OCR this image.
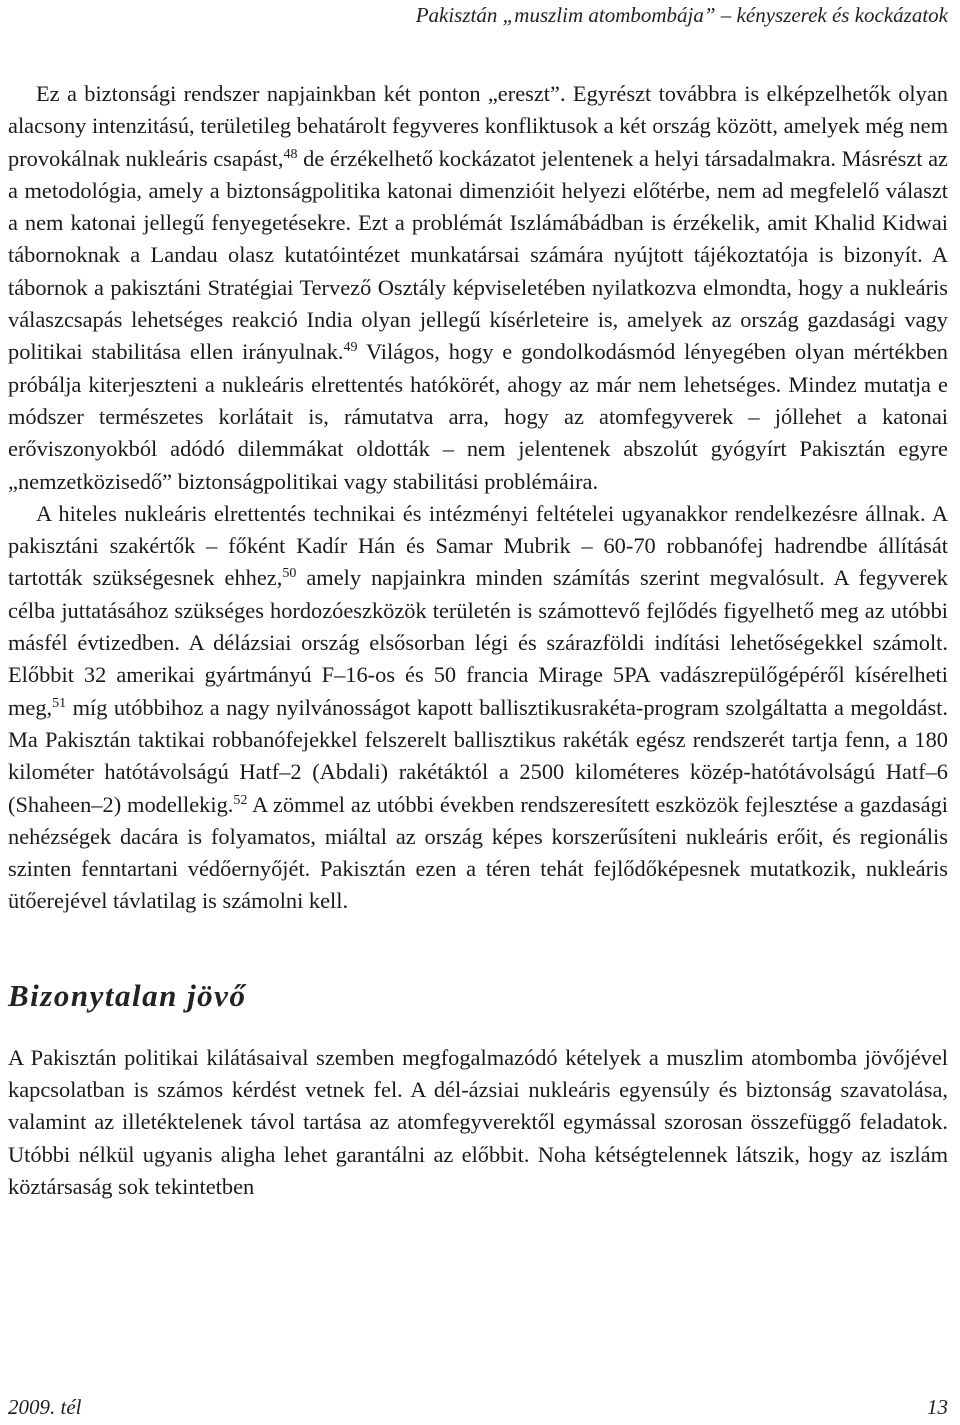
Pakisztán „muszlim atombombája” – kényszerek és kockázatok

Ez a biztonsági rendszer napjainkban két ponton „ereszt”. Egyrészt továbbra is elképzelhetők olyan alacsony intenzitású, területileg behatárolt fegyveres konfliktusok a két ország között, amelyek még nem provokálnak nukleáris csapást,$^{48}$ de érzékelhető kockázatot jelentenek a helyi társadalmakra. Másrészt az a metodológia, amely a biztonságpolitika katonai dimenzióit helyezi előtérbe, nem ad megfelelő választ a nem katonai jellegű fenyegetésekre. Ezt a problémát Iszlámábádban is érzékelik, amit Khalid Kidwai tábornoknak a Landau olasz kutatóintézet munkatársai számára nyújtott tájékoztatója is bizonyít. A tábornok a pakisztáni Stratégiai Tervező Osztály képviseletében nyilatkozva elmondta, hogy a nukleáris válaszcsapás lehetséges reakció India olyan jellegű kísérleteire is, amelyek az ország gazdasági vagy politikai stabilitása ellen irányulnak.$^{49}$ Világos, hogy e gondolkodásmód lényegében olyan mértékben próbálja kiterjeszteni a nukleáris elrettentés hatókörét, ahogy az már nem lehetséges. Mindez mutatja e módszer természetes korlátait is, rámutatva arra, hogy az atomfegyverek – jóllehet a katonai erőviszonyokból adódó dilemmákat oldották – nem jelentenek abszolút gyógyírt Pakisztán egyre „nemzetközisedő” biztonságpolitikai vagy stabilitási problémáira.

A hiteles nukleáris elrettentés technikai és intézményi feltételei ugyanakkor rendelkezésre állnak. A pakisztáni szakértők – főként Kadír Hán és Samar Mubrik – 60-70 robbanófej hadrendbe állítását tartották szükségesnek ehhez,$^{50}$ amely napjainkra minden számítás szerint megvalósult. A fegyverek célba juttatásához szükséges hordozóeszközök területén is számottevő fejlődés figyelhető meg az utóbbi másfél évtizedben. A délázsiai ország elsősorban légi és szárazföldi indítási lehetőségekkel számolt. Előbbit 32 amerikai gyártmányú F–16-os és 50 francia Mirage 5PA vadászrepülőgépéről kísérelheti meg,$^{51}$ míg utóbbihoz a nagy nyilvánosságot kapott ballisztikusrakéta-program szolgáltatta a megoldást. Ma Pakisztán taktikai robbanófejekkel felszerelt ballisztikus rakéták egész rendszerét tartja fenn, a 180 kilométer hatótávolságú Hatf–2 (Abdali) rakétáktól a 2500 kilométeres közép-hatótávolságú Hatf–6 (Shaheen–2) modellekig.$^{52}$ A zömmel az utóbbi években rendszeresített eszközök fejlesztése a gazdasági nehézségek dacára is folyamatos, miáltal az ország képes korszerűsíteni nukleáris erőit, és regionális szinten fenntartani védőernyőjét. Pakisztán ezen a téren tehát fejlődőképesnek mutatkozik, nukleáris ütőerejével távlatilag is számolni kell.

Bizonytalan jövő

A Pakisztán politikai kilátásaival szemben megfogalmazódó kételyek a muszlim atombomba jövőjével kapcsolatban is számos kérdést vetnek fel. A dél-ázsiai nukleáris egyensúly és biztonság szavatolása, valamint az illetéktelenek távol tartása az atomfegyverektől egymással szorosan összefüggő feladatok. Utóbbi nélkül ugyanis aligha lehet garantálni az előbbit. Noha kétségtelennek látszik, hogy az iszlám köztársaság sok tekintetben

2009. tél	13
